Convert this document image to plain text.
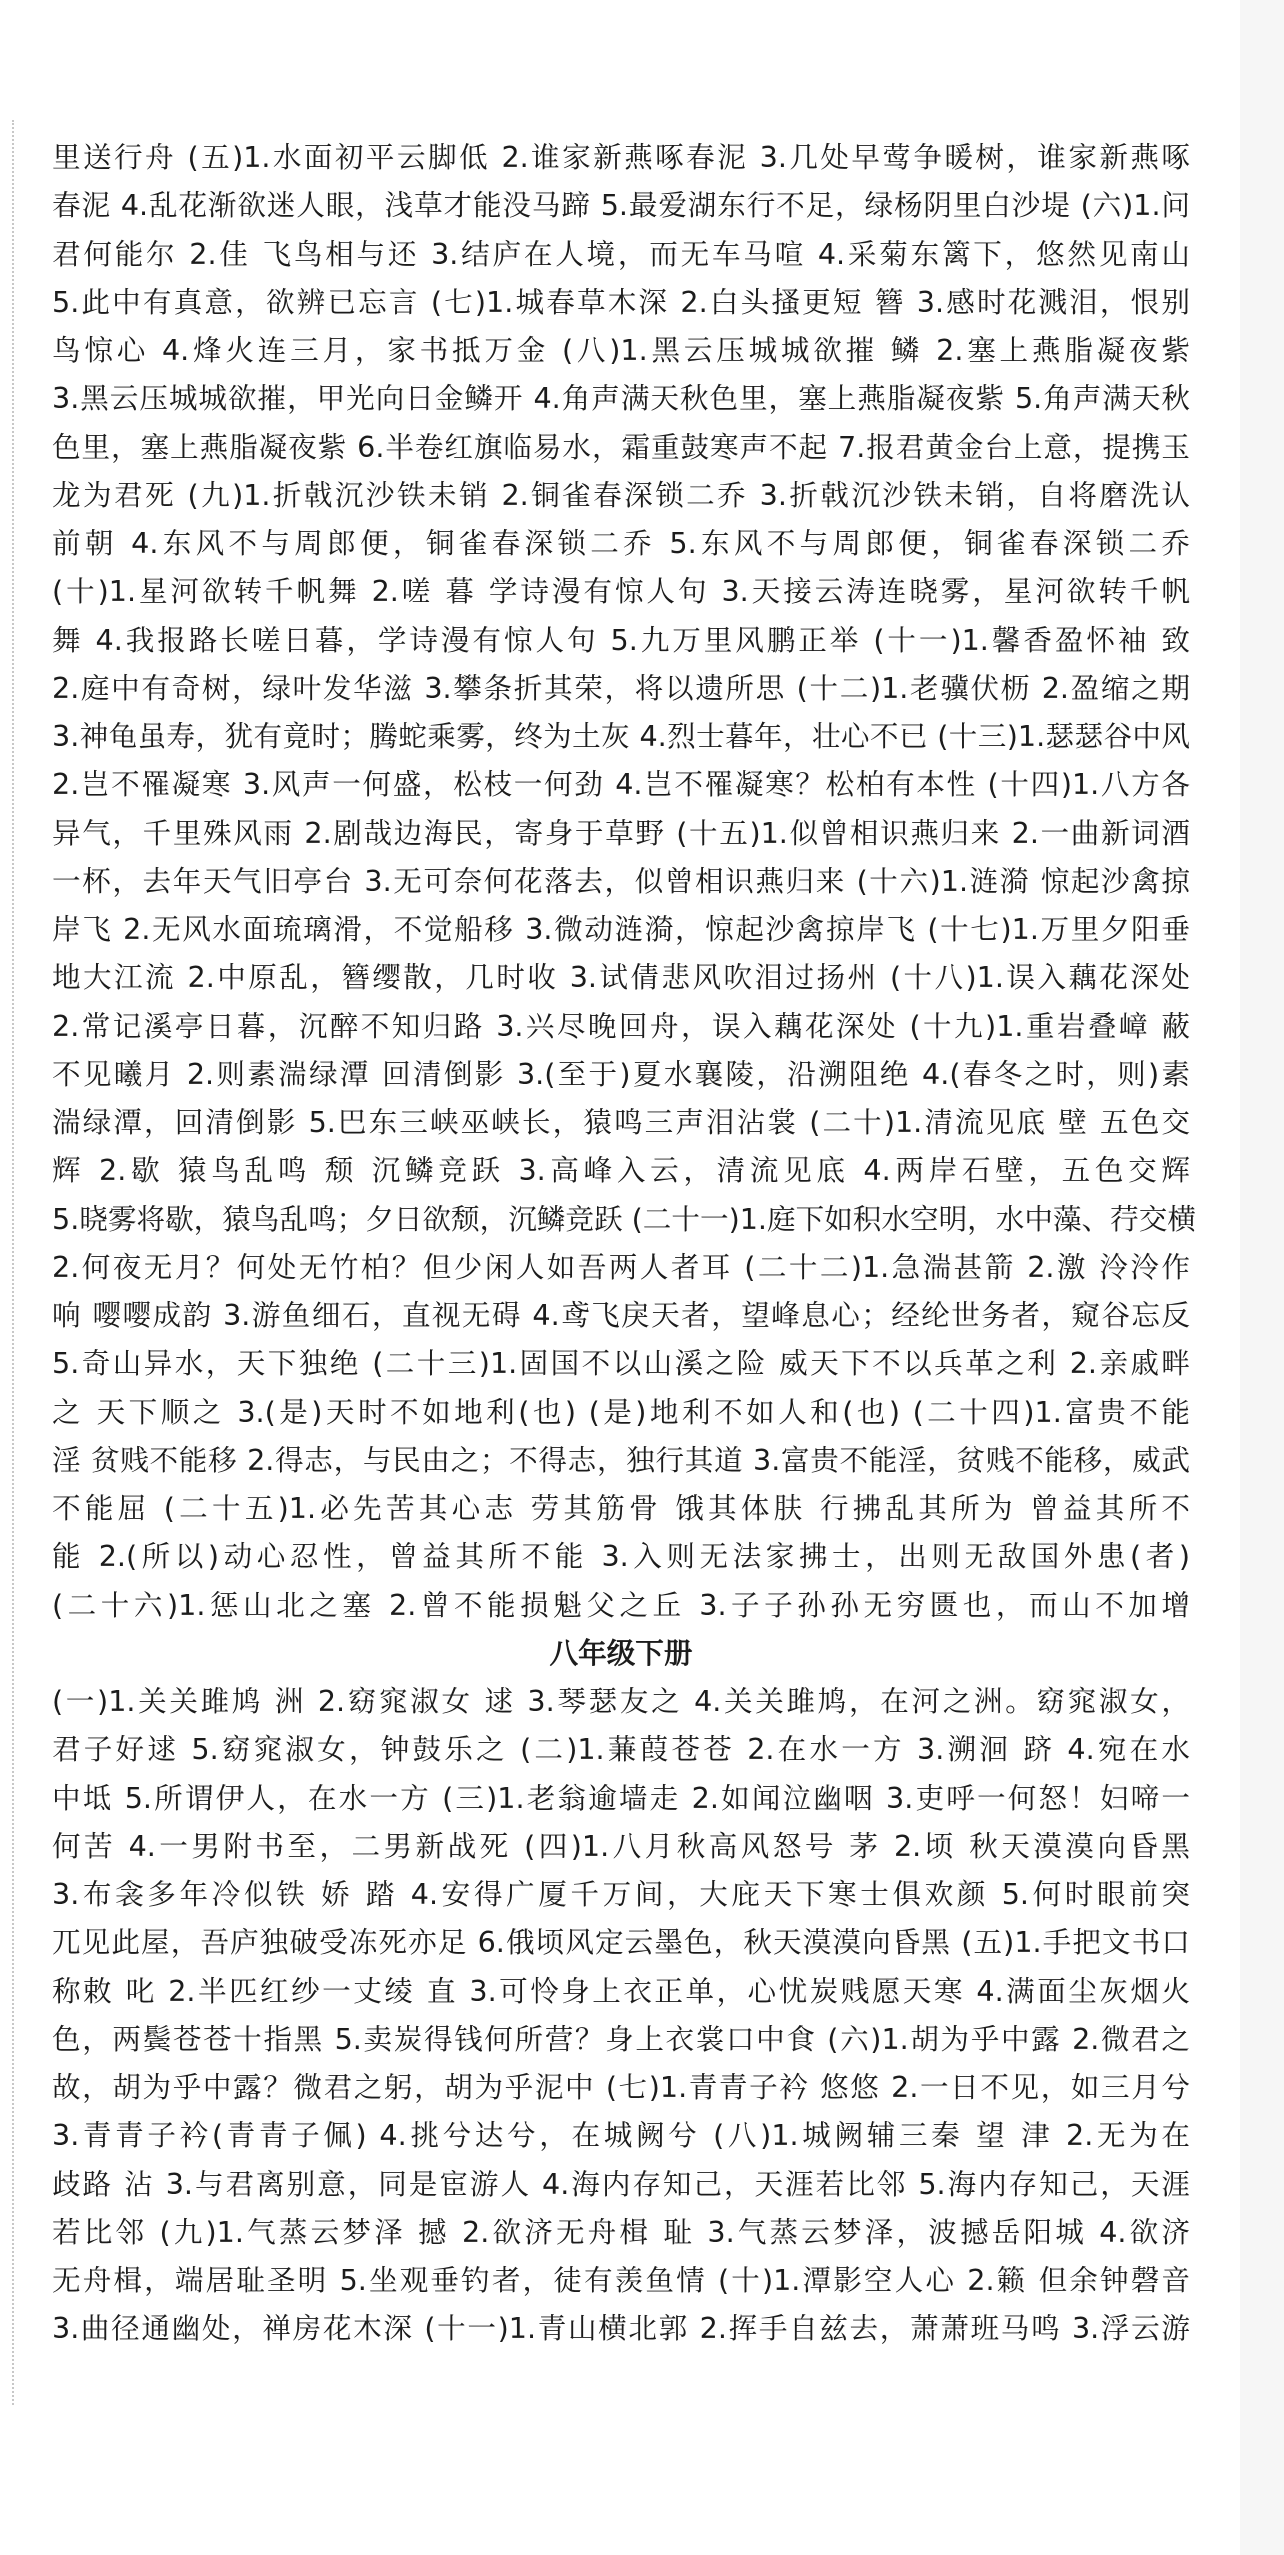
里送行舟 (五)1.水面初平云脚低 2.谁家新燕啄春泥 3.几处早莺争暖树，谁家新燕啄

春泥 4.乱花渐欲迷人眼，浅草才能没马蹄 5.最爱湖东行不足，绿杨阴里白沙堤 (六)1.问

君何能尔 2.佳 飞鸟相与还 3.结庐在人境，而无车马喧 4.采菊东篱下，悠然见南山

5.此中有真意，欲辨已忘言 (七)1.城春草木深 2.白头搔更短 簪 3.感时花溅泪，恨别

鸟惊心 4.烽火连三月，家书抵万金 (八)1.黑云压城城欲摧 鳞 2.塞上燕脂凝夜紫

3.黑云压城城欲摧，甲光向日金鳞开 4.角声满天秋色里，塞上燕脂凝夜紫 5.角声满天秋

色里，塞上燕脂凝夜紫 6.半卷红旗临易水，霜重鼓寒声不起 7.报君黄金台上意，提携玉

龙为君死 (九)1.折戟沉沙铁未销 2.铜雀春深锁二乔 3.折戟沉沙铁未销，自将磨洗认

前朝 4.东风不与周郎便，铜雀春深锁二乔 5.东风不与周郎便，铜雀春深锁二乔

(十)1.星河欲转千帆舞 2.嗟 暮 学诗漫有惊人句 3.天接云涛连晓雾，星河欲转千帆

舞 4.我报路长嗟日暮，学诗漫有惊人句 5.九万里风鹏正举 (十一)1.馨香盈怀袖 致

2.庭中有奇树，绿叶发华滋 3.攀条折其荣，将以遗所思 (十二)1.老骥伏枥 2.盈缩之期

3.神龟虽寿，犹有竟时；腾蛇乘雾，终为土灰 4.烈士暮年，壮心不已 (十三)1.瑟瑟谷中风

2.岂不罹凝寒 3.风声一何盛，松枝一何劲 4.岂不罹凝寒？松柏有本性 (十四)1.八方各

异气，千里殊风雨 2.剧哉边海民，寄身于草野 (十五)1.似曾相识燕归来 2.一曲新词酒

一杯，去年天气旧亭台 3.无可奈何花落去，似曾相识燕归来 (十六)1.涟漪 惊起沙禽掠

岸飞 2.无风水面琉璃滑，不觉船移 3.微动涟漪，惊起沙禽掠岸飞 (十七)1.万里夕阳垂

地大江流 2.中原乱，簪缨散，几时收 3.试倩悲风吹泪过扬州 (十八)1.误入藕花深处

2.常记溪亭日暮，沉醉不知归路 3.兴尽晚回舟，误入藕花深处 (十九)1.重岩叠嶂 蔽

不见曦月 2.则素湍绿潭 回清倒影 3.(至于)夏水襄陵，沿溯阻绝 4.(春冬之时，则)素

湍绿潭，回清倒影 5.巴东三峡巫峡长，猿鸣三声泪沾裳 (二十)1.清流见底 壁 五色交

辉 2.歇 猿鸟乱鸣 颓 沉鳞竞跃 3.高峰入云，清流见底 4.两岸石壁，五色交辉

5.晓雾将歇，猿鸟乱鸣；夕日欲颓，沉鳞竞跃 (二十一)1.庭下如积水空明，水中藻、荇交横

2.何夜无月？何处无竹柏？但少闲人如吾两人者耳 (二十二)1.急湍甚箭 2.激 泠泠作

响 嘤嘤成韵 3.游鱼细石，直视无碍 4.鸢飞戾天者，望峰息心；经纶世务者，窥谷忘反

5.奇山异水，天下独绝 (二十三)1.固国不以山溪之险 威天下不以兵革之利 2.亲戚畔

之 天下顺之 3.(是)天时不如地利(也) (是)地利不如人和(也) (二十四)1.富贵不能

淫 贫贱不能移 2.得志，与民由之；不得志，独行其道 3.富贵不能淫，贫贱不能移，威武

不能屈 (二十五)1.必先苦其心志 劳其筋骨 饿其体肤 行拂乱其所为 曾益其所不

能 2.(所以)动心忍性，曾益其所不能 3.入则无法家拂士，出则无敌国外患(者)

(二十六)1.惩山北之塞 2.曾不能损魁父之丘 3.子子孙孙无穷匮也，而山不加增

八年级下册

(一)1.关关雎鸠 洲 2.窈窕淑女 逑 3.琴瑟友之 4.关关雎鸠，在河之洲。窈窕淑女，

君子好逑 5.窈窕淑女，钟鼓乐之 (二)1.蒹葭苍苍 2.在水一方 3.溯洄 跻 4.宛在水

中坻 5.所谓伊人，在水一方 (三)1.老翁逾墙走 2.如闻泣幽咽 3.吏呼一何怒！妇啼一

何苦 4.一男附书至，二男新战死 (四)1.八月秋高风怒号 茅 2.顷 秋天漠漠向昏黑

3.布衾多年冷似铁 娇 踏 4.安得广厦千万间，大庇天下寒士俱欢颜 5.何时眼前突

兀见此屋，吾庐独破受冻死亦足 6.俄顷风定云墨色，秋天漠漠向昏黑 (五)1.手把文书口

称敕 叱 2.半匹红纱一丈绫 直 3.可怜身上衣正单，心忧炭贱愿天寒 4.满面尘灰烟火

色，两鬓苍苍十指黑 5.卖炭得钱何所营？身上衣裳口中食 (六)1.胡为乎中露 2.微君之

故，胡为乎中露？微君之躬，胡为乎泥中 (七)1.青青子衿 悠悠 2.一日不见，如三月兮

3.青青子衿(青青子佩) 4.挑兮达兮，在城阙兮 (八)1.城阙辅三秦 望 津 2.无为在

歧路 沾 3.与君离别意，同是宦游人 4.海内存知己，天涯若比邻 5.海内存知己，天涯

若比邻 (九)1.气蒸云梦泽 撼 2.欲济无舟楫 耻 3.气蒸云梦泽，波撼岳阳城 4.欲济

无舟楫，端居耻圣明 5.坐观垂钓者，徒有羡鱼情 (十)1.潭影空人心 2.籁 但余钟磬音

3.曲径通幽处，禅房花木深 (十一)1.青山横北郭 2.挥手自兹去，萧萧班马鸣 3.浮云游
